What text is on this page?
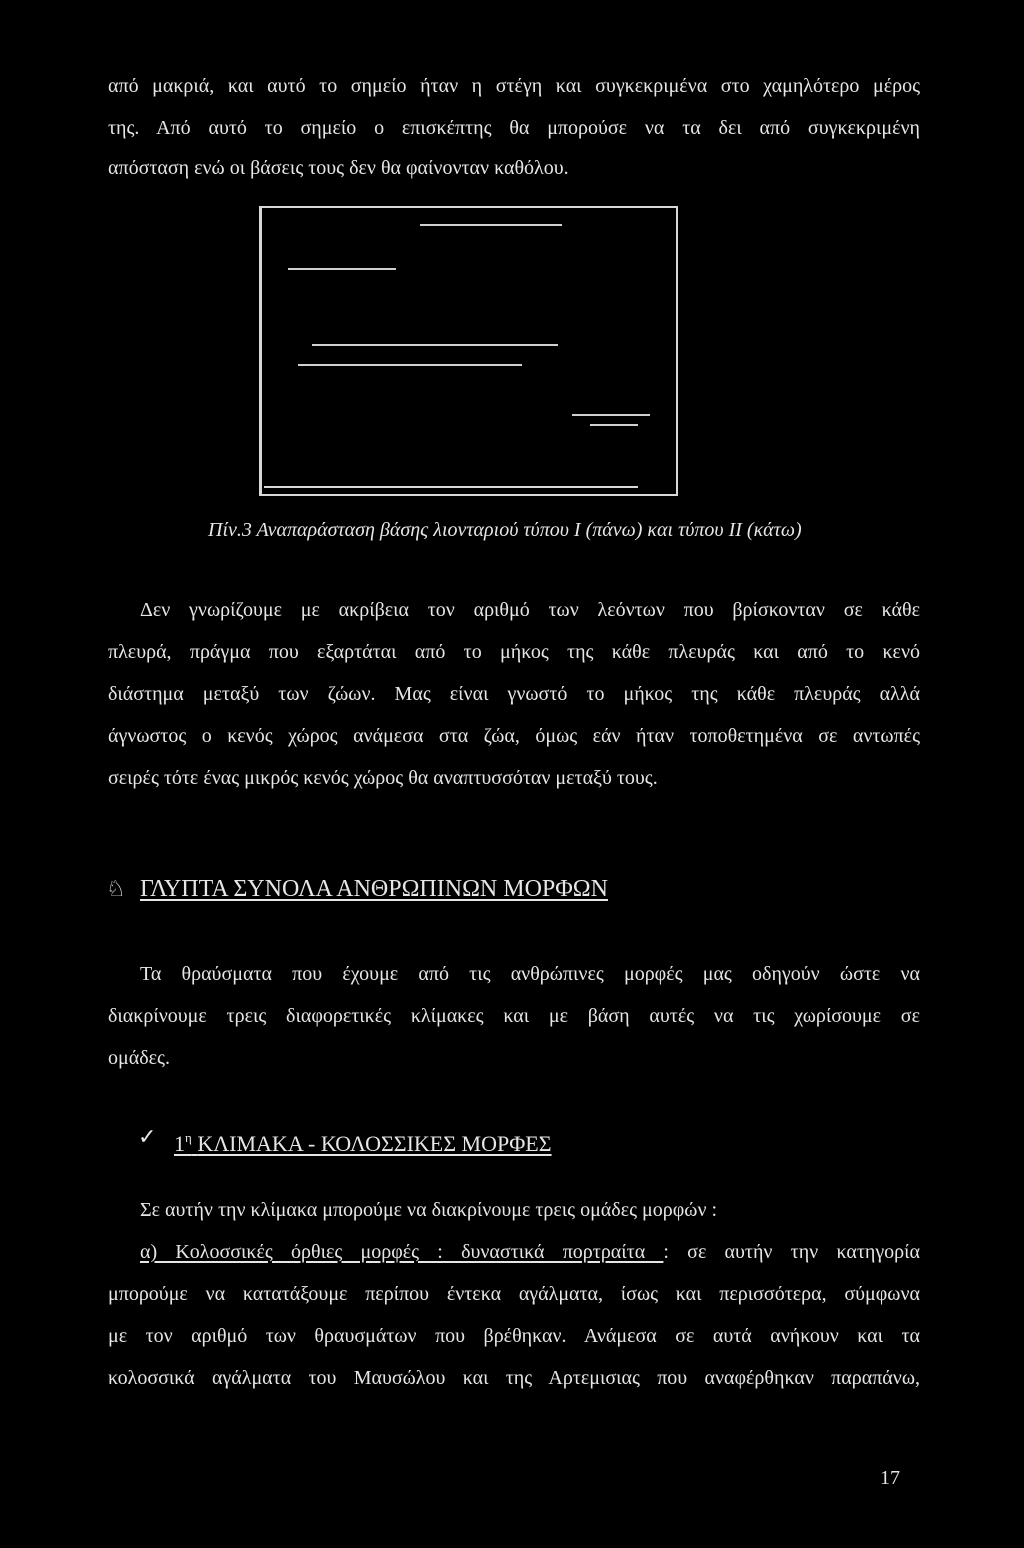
από μακριά, και αυτό το σημείο ήταν η στέγη και συγκεκριμένα στο χαμηλότερο μέρος
της. Από αυτό το σημείο ο επισκέπτης θα μπορούσε να τα δει από συγκεκριμένη
απόσταση ενώ οι βάσεις τους δεν θα φαίνονταν καθόλου.
Πίν.3 Αναπαράσταση βάσης λιονταριού τύπου I (πάνω) και τύπου II (κάτω)
Δεν γνωρίζουμε με ακρίβεια τον αριθμό των λεόντων που βρίσκονταν σε κάθε
πλευρά, πράγμα που εξαρτάται από το μήκος της κάθε πλευράς και από το κενό
διάστημα μεταξύ των ζώων. Μας είναι γνωστό το μήκος της κάθε πλευράς αλλά
άγνωστος ο κενός χώρος ανάμεσα στα ζώα, όμως εάν ήταν τοποθετημένα σε αντωπές
σειρές τότε ένας μικρός κενός χώρος θα αναπτυσσόταν μεταξύ τους.
♘ ΓΛΥΠΤΑ ΣΥΝΟΛΑ ΑΝΘΡΩΠΙΝΩΝ ΜΟΡΦΩΝ
Τα θραύσματα που έχουμε από τις ανθρώπινες μορφές μας οδηγούν ώστε να
διακρίνουμε τρεις διαφορετικές κλίμακες και με βάση αυτές να τις χωρίσουμε σε
ομάδες.
✓ $1^\eta$ ΚΛΙΜΑΚΑ - ΚΟΛΟΣΣΙΚΕΣ ΜΟΡΦΕΣ
Σε αυτήν την κλίμακα μπορούμε να διακρίνουμε τρεις ομάδες μορφών :
α) Κολοσσικές όρθιες μορφές : δυναστικά πορτραίτα : σε αυτήν την κατηγορία
μπορούμε να κατατάξουμε περίπου έντεκα αγάλματα, ίσως και περισσότερα, σύμφωνα
με τον αριθμό των θραυσμάτων που βρέθηκαν. Ανάμεσα σε αυτά ανήκουν και τα
κολοσσικά αγάλματα του Μαυσώλου και της Αρτεμισιας που αναφέρθηκαν παραπάνω,
17
